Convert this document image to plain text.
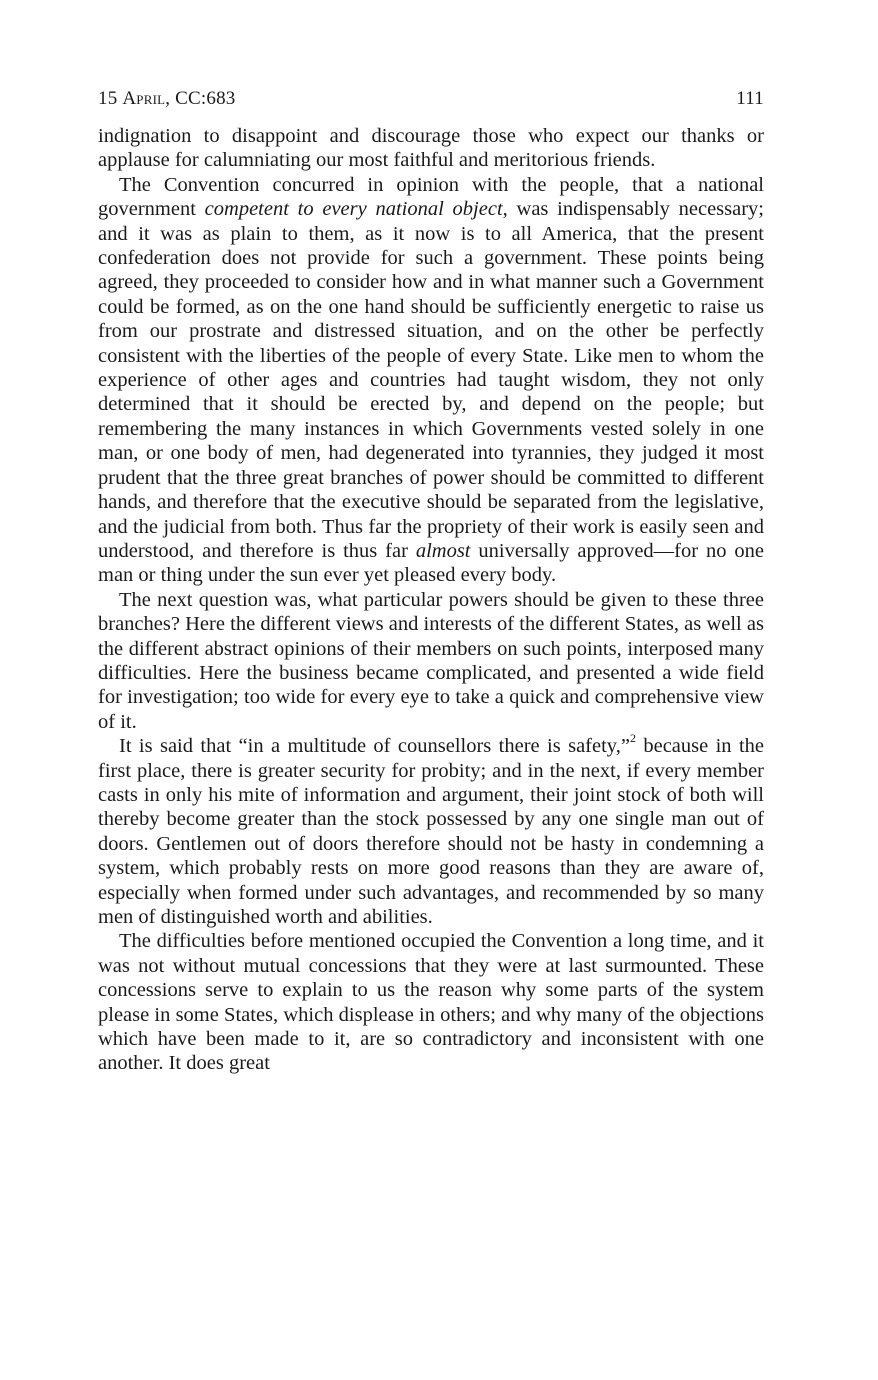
15 April, CC:683	111

indignation to disappoint and discourage those who expect our thanks or applause for calumniating our most faithful and meritorious friends.

The Convention concurred in opinion with the people, that a national government competent to every national object, was indispensably necessary; and it was as plain to them, as it now is to all America, that the present confederation does not provide for such a government. These points being agreed, they proceeded to consider how and in what manner such a Government could be formed, as on the one hand should be sufficiently energetic to raise us from our prostrate and distressed situation, and on the other be perfectly consistent with the liberties of the people of every State. Like men to whom the experience of other ages and countries had taught wisdom, they not only determined that it should be erected by, and depend on the people; but remembering the many instances in which Governments vested solely in one man, or one body of men, had degenerated into tyrannies, they judged it most prudent that the three great branches of power should be committed to different hands, and therefore that the executive should be separated from the legislative, and the judicial from both. Thus far the propriety of their work is easily seen and understood, and therefore is thus far almost universally approved—for no one man or thing under the sun ever yet pleased every body.

The next question was, what particular powers should be given to these three branches? Here the different views and interests of the different States, as well as the different abstract opinions of their members on such points, interposed many difficulties. Here the business became complicated, and presented a wide field for investigation; too wide for every eye to take a quick and comprehensive view of it.

It is said that “in a multitude of counsellors there is safety,”$^2$ because in the first place, there is greater security for probity; and in the next, if every member casts in only his mite of information and argument, their joint stock of both will thereby become greater than the stock possessed by any one single man out of doors. Gentlemen out of doors therefore should not be hasty in condemning a system, which probably rests on more good reasons than they are aware of, especially when formed under such advantages, and recommended by so many men of distinguished worth and abilities.

The difficulties before mentioned occupied the Convention a long time, and it was not without mutual concessions that they were at last surmounted. These concessions serve to explain to us the reason why some parts of the system please in some States, which displease in others; and why many of the objections which have been made to it, are so contradictory and inconsistent with one another. It does great
